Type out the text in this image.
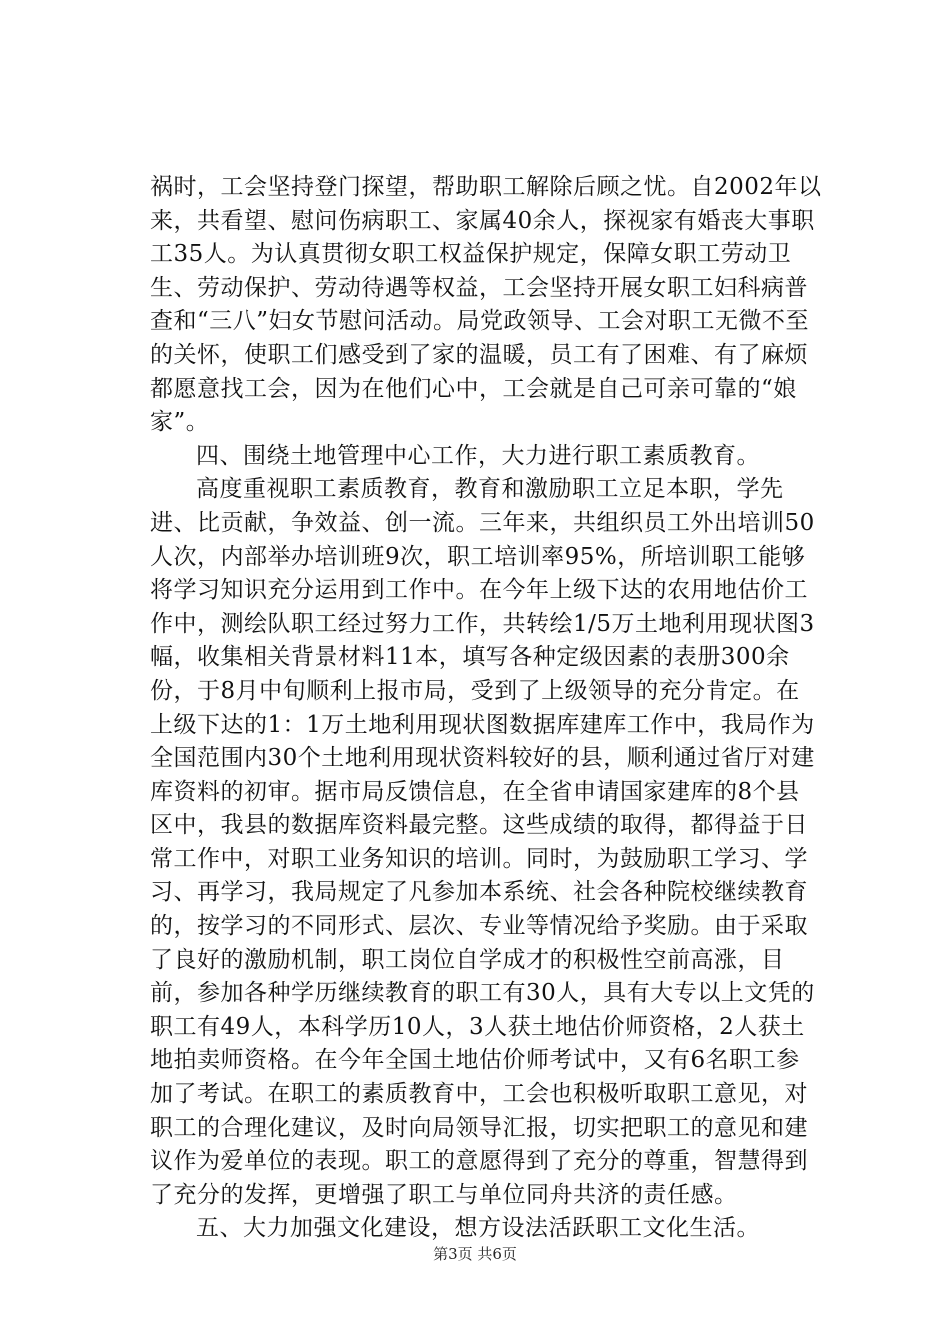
祸时，工会坚持登门探望，帮助职工解除后顾之忧。自2002年以来，共看望、慰问伤病职工、家属40余人，探视家有婚丧大事职工35人。为认真贯彻女职工权益保护规定，保障女职工劳动卫生、劳动保护、劳动待遇等权益，工会坚持开展女职工妇科病普查和“三八”妇女节慰问活动。局党政领导、工会对职工无微不至的关怀，使职工们感受到了家的温暖，员工有了困难、有了麻烦都愿意找工会，因为在他们心中，工会就是自己可亲可靠的“娘家”。

四、围绕土地管理中心工作，大力进行职工素质教育。

高度重视职工素质教育，教育和激励职工立足本职，学先进、比贡献，争效益、创一流。三年来，共组织员工外出培训50人次，内部举办培训班9次，职工培训率95%，所培训职工能够将学习知识充分运用到工作中。在今年上级下达的农用地估价工作中，测绘队职工经过努力工作，共转绘1/5万土地利用现状图3幅，收集相关背景材料11本，填写各种定级因素的表册300余份，于8月中旬顺利上报市局，受到了上级领导的充分肯定。在上级下达的1：1万土地利用现状图数据库建库工作中，我局作为全国范围内30个土地利用现状资料较好的县，顺利通过省厅对建库资料的初审。据市局反馈信息，在全省申请国家建库的8个县区中，我县的数据库资料最完整。这些成绩的取得，都得益于日常工作中，对职工业务知识的培训。同时，为鼓励职工学习、学习、再学习，我局规定了凡参加本系统、社会各种院校继续教育的，按学习的不同形式、层次、专业等情况给予奖励。由于采取了良好的激励机制，职工岗位自学成才的积极性空前高涨，目前，参加各种学历继续教育的职工有30人，具有大专以上文凭的职工有49人，本科学历10人，3人获土地估价师资格，2人获土地拍卖师资格。在今年全国土地估价师考试中，又有6名职工参加了考试。在职工的素质教育中，工会也积极听取职工意见，对职工的合理化建议，及时向局领导汇报，切实把职工的意见和建议作为爱单位的表现。职工的意愿得到了充分的尊重，智慧得到了充分的发挥，更增强了职工与单位同舟共济的责任感。

五、大力加强文化建设，想方设法活跃职工文化生活。

第3页 共6页
